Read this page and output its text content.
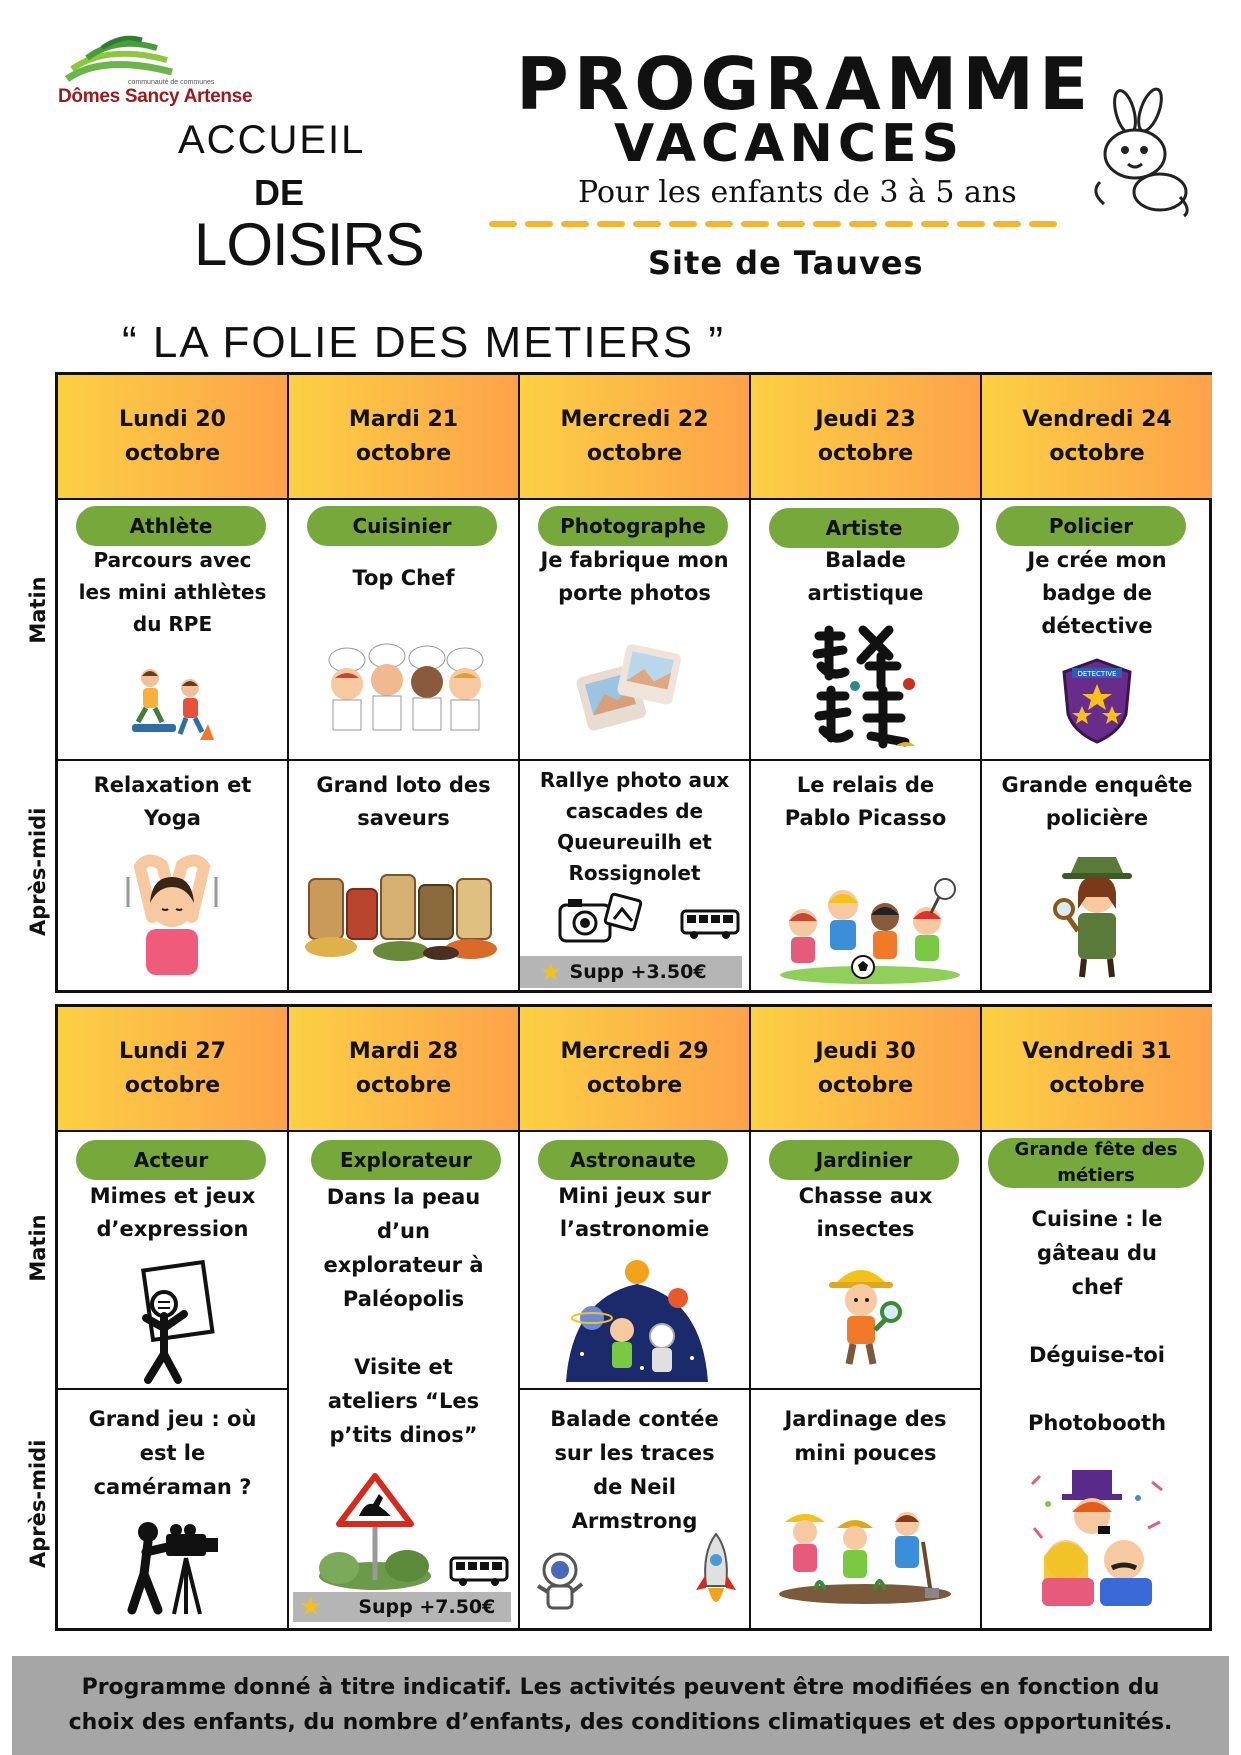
communauté de communes
Dômes Sancy Artense
ACCUEIL
DE
LOISIRS
PROGRAMME
VACANCES
Pour les enfants de 3 à 5 ans
Site de Tauves
“ LA FOLIE DES METIERS ”
Lundi 20
octobre
Mardi 21
octobre
Mercredi 22
octobre
Jeudi 23
octobre
Vendredi 24
octobre
Athlète
Parcours avec
les mini athlètes
du RPE
Cuisinier
Top Chef
Photographe
Je fabrique mon
porte photos
Artiste
Balade
artistique
Policier
Je crée mon
badge de
détective
DETECTIVE
Relaxation et
Yoga
Grand loto des
saveurs
Rallye photo aux
cascades de
Queureuilh et
Rossignolet
★ Supp +3.50€
Le relais de
Pablo Picasso
Grande enquête
policière
Matin
Après-midi
Lundi 27
octobre
Mardi 28
octobre
Mercredi 29
octobre
Jeudi 30
octobre
Vendredi 31
octobre
Acteur
Mimes et jeux
d’expression
Grand jeu : où
est le
caméraman ?
Explorateur
Dans la peau
d’un
explorateur à
Paléopolis
Visite et
ateliers “Les
p’tits dinos”
★ Supp +7.50€
Astronaute
Mini jeux sur
l’astronomie
Balade contée
sur les traces
de Neil
Armstrong
Jardinier
Chasse aux
insectes
Jardinage des
mini pouces
Grande fête des métiers
Cuisine : le
gâteau du
chef
Déguise-toi
Photobooth
Matin
Après-midi
Programme donné à titre indicatif. Les activités peuvent être modifiées en fonction du
choix des enfants, du nombre d’enfants, des conditions climatiques et des opportunités.
